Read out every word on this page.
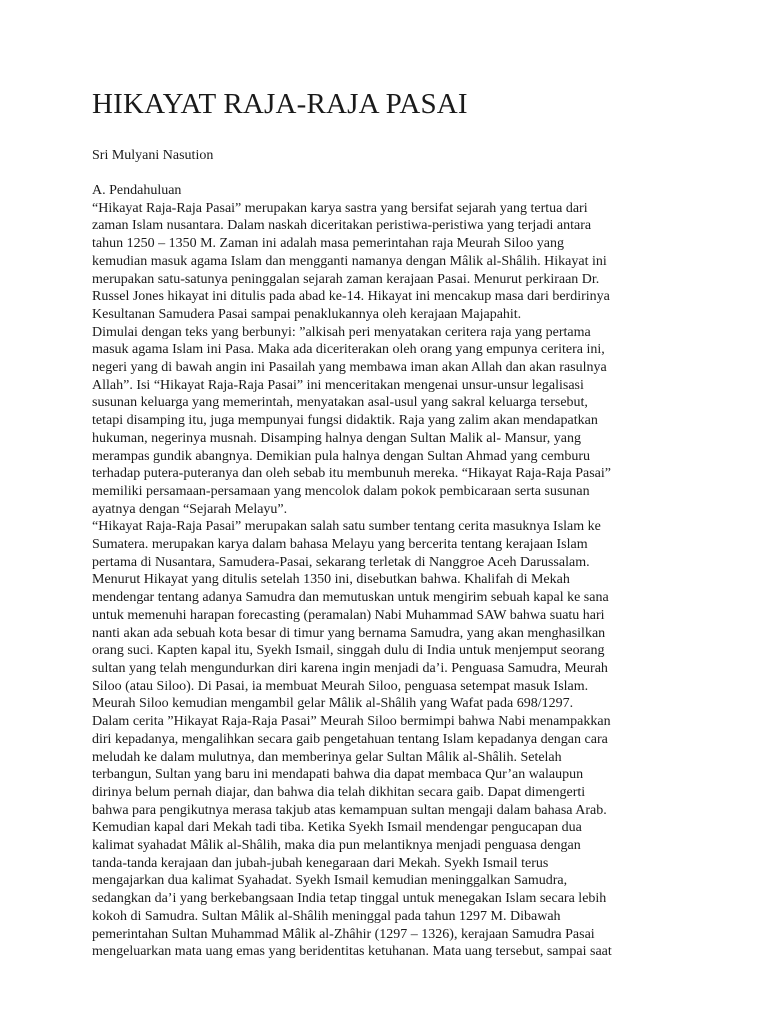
HIKAYAT RAJA-RAJA PASAI

Sri Mulyani Nasution

A. Pendahuluan

“Hikayat Raja-Raja Pasai” merupakan karya sastra yang bersifat sejarah yang tertua dari
zaman Islam nusantara. Dalam naskah diceritakan peristiwa-peristiwa yang terjadi antara
tahun 1250 – 1350 M. Zaman ini adalah masa pemerintahan raja Meurah Siloo yang
kemudian masuk agama Islam dan mengganti namanya dengan Mâlik al-Shâlih. Hikayat ini
merupakan satu-satunya peninggalan sejarah zaman kerajaan Pasai. Menurut perkiraan Dr.
Russel Jones hikayat ini ditulis pada abad ke-14. Hikayat ini mencakup masa dari berdirinya
Kesultanan Samudera Pasai sampai penaklukannya oleh kerajaan Majapahit.

Dimulai dengan teks yang berbunyi: ”alkisah peri menyatakan ceritera raja yang pertama
masuk agama Islam ini Pasa. Maka ada diceriterakan oleh orang yang empunya ceritera ini,
negeri yang di bawah angin ini Pasailah yang membawa iman akan Allah dan akan rasulnya
Allah”. Isi “Hikayat Raja-Raja Pasai” ini menceritakan mengenai unsur-unsur legalisasi
susunan keluarga yang memerintah, menyatakan asal-usul yang sakral keluarga tersebut,
tetapi disamping itu, juga mempunyai fungsi didaktik. Raja yang zalim akan mendapatkan
hukuman, negerinya musnah. Disamping halnya dengan Sultan Malik al- Mansur, yang
merampas gundik abangnya. Demikian pula halnya dengan Sultan Ahmad yang cemburu
terhadap putera-puteranya dan oleh sebab itu membunuh mereka. “Hikayat Raja-Raja Pasai”
memiliki persamaan-persamaan yang mencolok dalam pokok pembicaraan serta susunan
ayatnya dengan “Sejarah Melayu”.

“Hikayat Raja-Raja Pasai” merupakan salah satu sumber tentang cerita masuknya Islam ke
Sumatera. merupakan karya dalam bahasa Melayu yang bercerita tentang kerajaan Islam
pertama di Nusantara, Samudera-Pasai, sekarang terletak di Nanggroe Aceh Darussalam.
Menurut Hikayat yang ditulis setelah 1350 ini, disebutkan bahwa. Khalifah di Mekah
mendengar tentang adanya Samudra dan memutuskan untuk mengirim sebuah kapal ke sana
untuk memenuhi harapan forecasting (peramalan) Nabi Muhammad SAW bahwa suatu hari
nanti akan ada sebuah kota besar di timur yang bernama Samudra, yang akan menghasilkan
orang suci. Kapten kapal itu, Syekh Ismail, singgah dulu di India untuk menjemput seorang
sultan yang telah mengundurkan diri karena ingin menjadi da’i. Penguasa Samudra, Meurah
Siloo (atau Siloo). Di Pasai, ia membuat Meurah Siloo, penguasa setempat masuk Islam.
Meurah Siloo kemudian mengambil gelar Mâlik al-Shâlih yang Wafat pada 698/1297.

Dalam cerita ”Hikayat Raja-Raja Pasai” Meurah Siloo bermimpi bahwa Nabi menampakkan
diri kepadanya, mengalihkan secara gaib pengetahuan tentang Islam kepadanya dengan cara
meludah ke dalam mulutnya, dan memberinya gelar Sultan Mâlik al-Shâlih. Setelah
terbangun, Sultan yang baru ini mendapati bahwa dia dapat membaca Qur’an walaupun
dirinya belum pernah diajar, dan bahwa dia telah dikhitan secara gaib. Dapat dimengerti
bahwa para pengikutnya merasa takjub atas kemampuan sultan mengaji dalam bahasa Arab.
Kemudian kapal dari Mekah tadi tiba. Ketika Syekh Ismail mendengar pengucapan dua
kalimat syahadat Mâlik al-Shâlih, maka dia pun melantiknya menjadi penguasa dengan
tanda-tanda kerajaan dan jubah-jubah kenegaraan dari Mekah. Syekh Ismail terus
mengajarkan dua kalimat Syahadat. Syekh Ismail kemudian meninggalkan Samudra,
sedangkan da’i yang berkebangsaan India tetap tinggal untuk menegakan Islam secara lebih
kokoh di Samudra. Sultan Mâlik al-Shâlih meninggal pada tahun 1297 M. Dibawah
pemerintahan Sultan Muhammad Mâlik al-Zhâhir (1297 – 1326), kerajaan Samudra Pasai
mengeluarkan mata uang emas yang beridentitas ketuhanan. Mata uang tersebut, sampai saat
